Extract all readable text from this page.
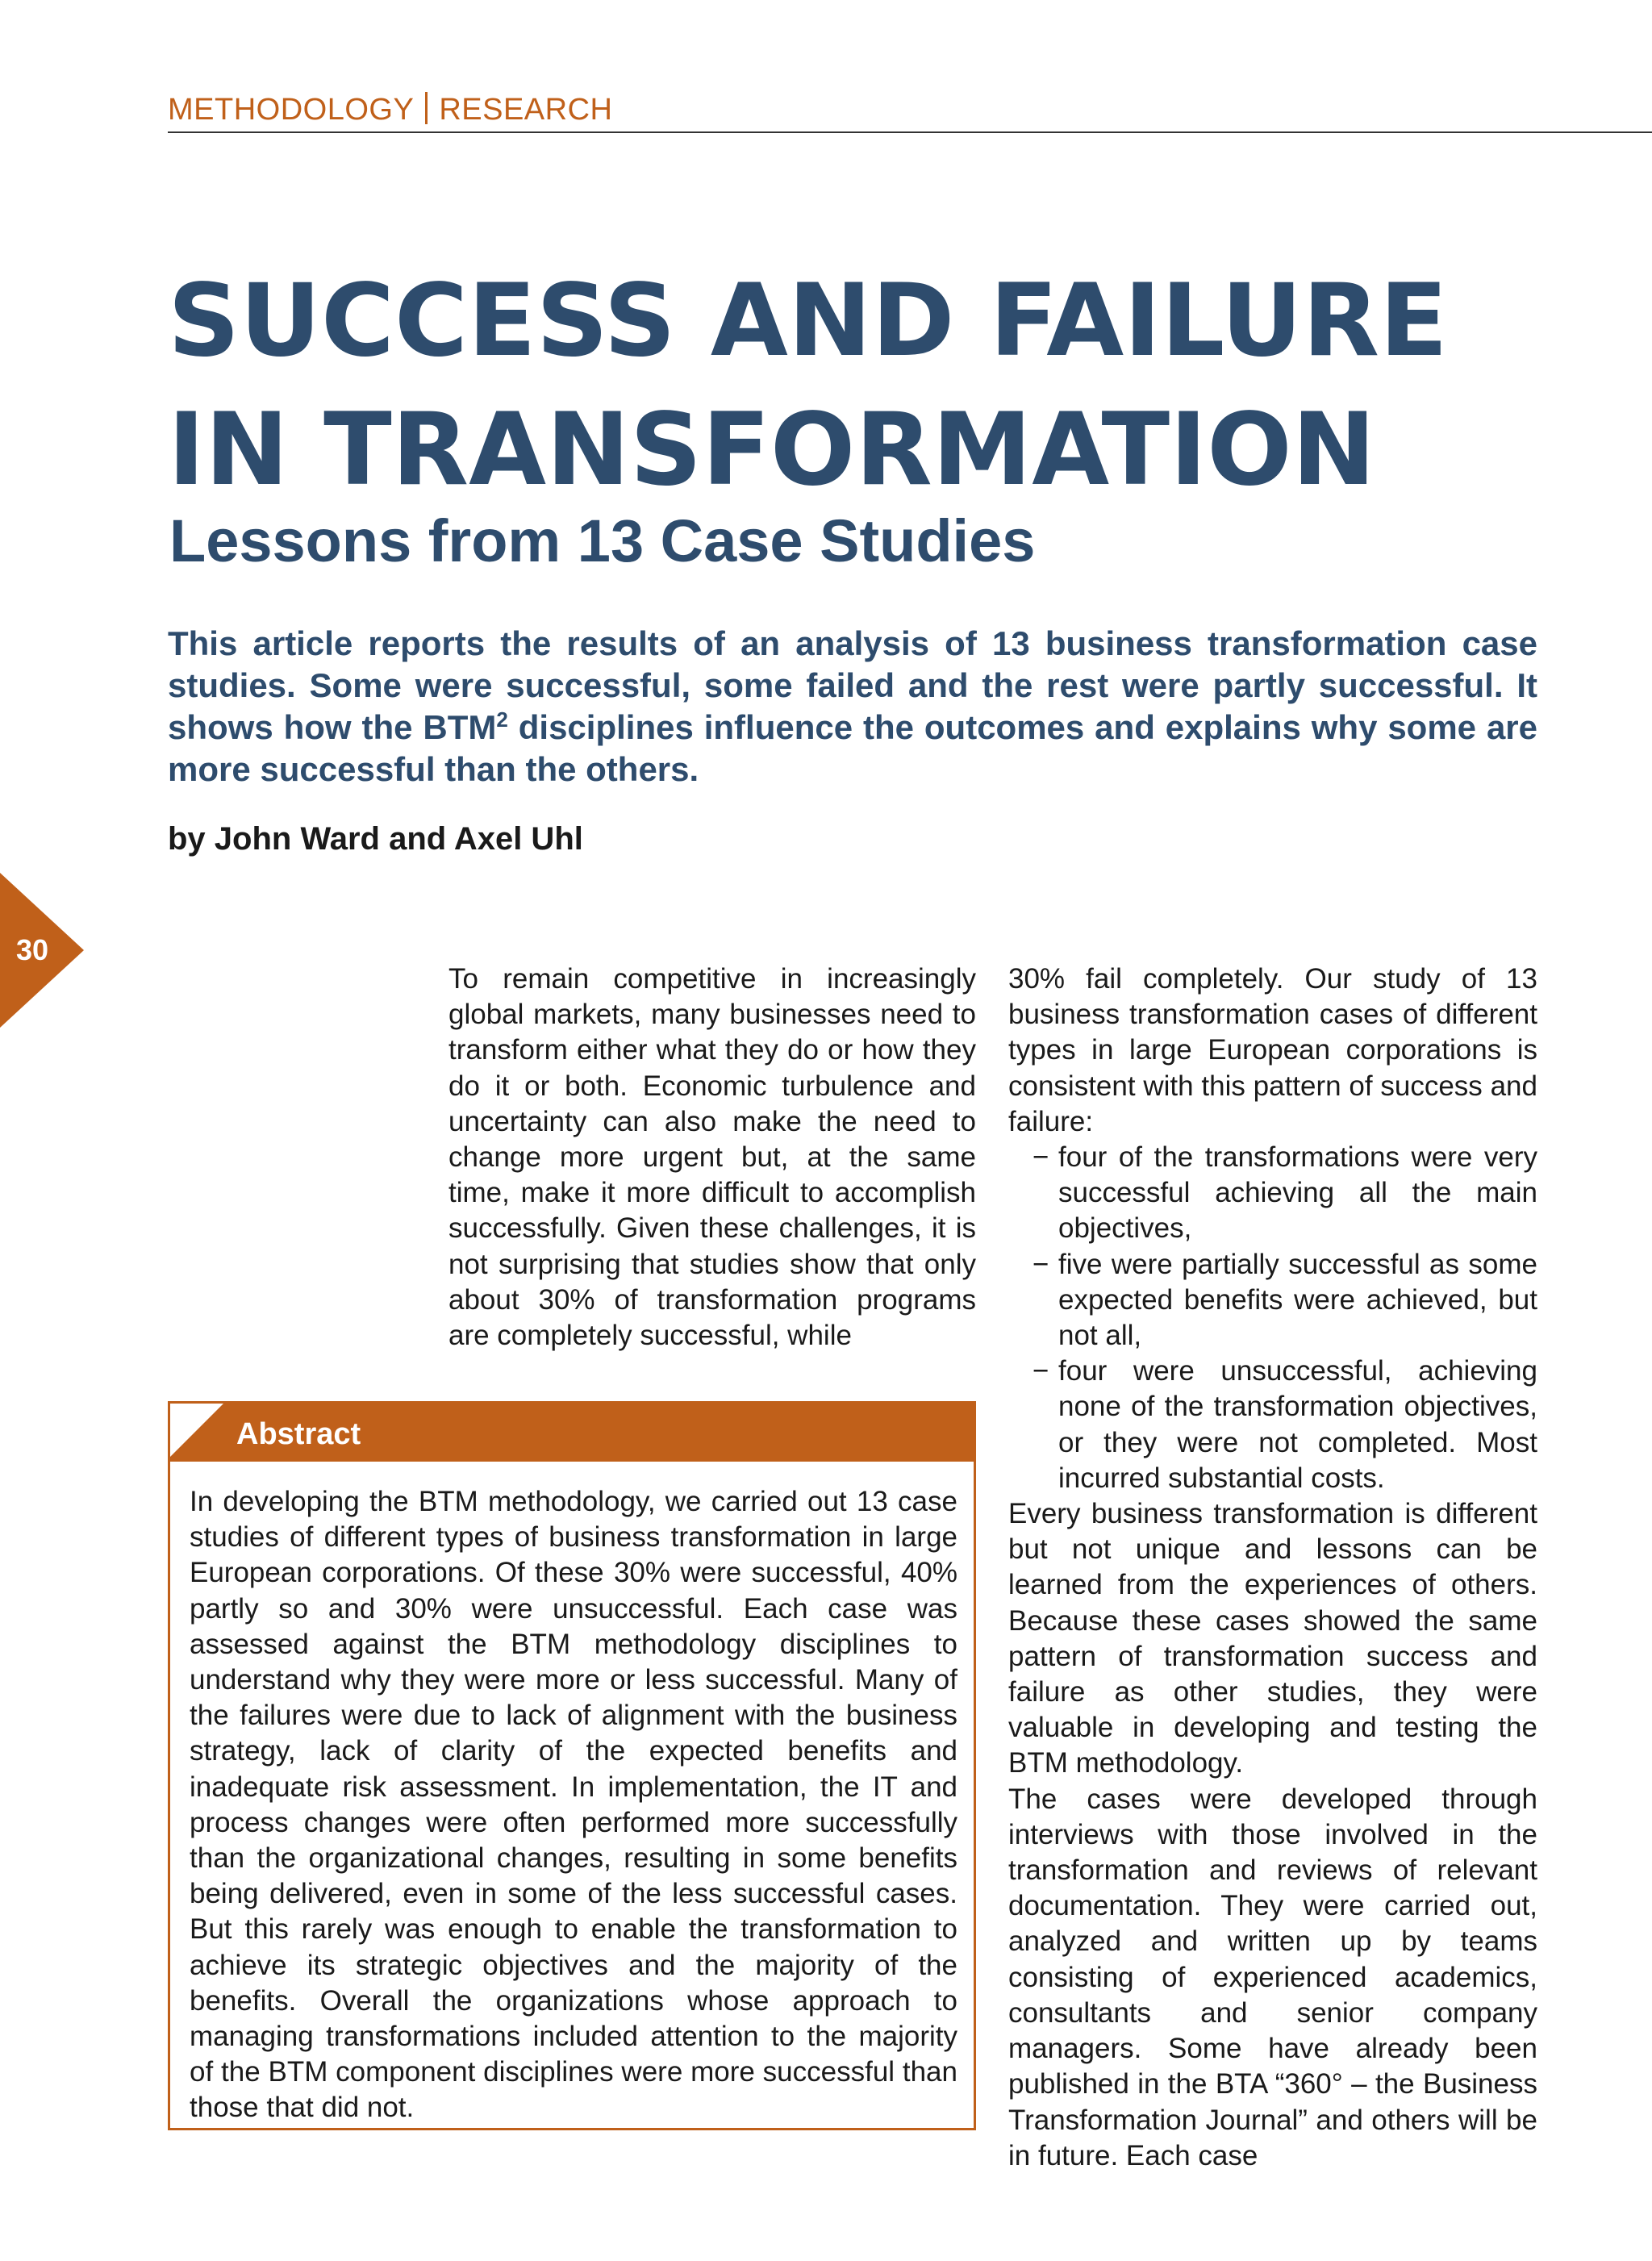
METHODOLOGY RESEARCH
SUCCESS AND FAILURE
IN TRANSFORMATION
Lessons from 13 Case Studies

This article reports the results of an analysis of 13 business transformation case studies. Some were successful, some failed and the rest were partly successful. It shows how the BTM$^2$ disciplines influence the outcomes and explains why some are more successful than the others.

by John Ward and Axel Uhl

30

To remain competitive in increasingly global markets, many businesses need to transform either what they do or how they do it or both. Economic turbulence and uncertainty can also make the need to change more urgent but, at the same time, make it more difficult to accomplish successfully. Given these challenges, it is not surprising that studies show that only about 30% of transformation programs are completely successful, while

Abstract

In developing the BTM methodology, we carried out 13 case studies of different types of business transformation in large European corporations. Of these 30% were successful, 40% partly so and 30% were unsuccessful. Each case was assessed against the BTM methodology disciplines to understand why they were more or less successful. Many of the failures were due to lack of alignment with the business strategy, lack of clarity of the expected benefits and inadequate risk assessment. In implementation, the IT and process changes were often performed more successfully than the organizational changes, resulting in some benefits being delivered, even in some of the less successful cases. But this rarely was enough to enable the transformation to achieve its strategic objectives and the majority of the benefits. Overall the organizations whose approach to managing transformations included attention to the majority of the BTM component disciplines were more successful than those that did not.

30% fail completely. Our study of 13 business transformation cases of different types in large European corporations is consistent with this pattern of success and failure:

− four of the transformations were very successful achieving all the main objectives,
− five were partially successful as some expected benefits were achieved, but not all,
− four were unsuccessful, achieving none of the transformation objectives, or they were not completed. Most incurred substantial costs.

Every business transformation is different but not unique and lessons can be learned from the experiences of others. Because these cases showed the same pattern of transformation success and failure as other studies, they were valuable in developing and testing the BTM methodology.

The cases were developed through interviews with those involved in the transformation and reviews of relevant documentation. They were carried out, analyzed and written up by teams consisting of experienced academics, consultants and senior company managers. Some have already been published in the BTA “360° – the Business Transformation Journal” and others will be in future. Each case
